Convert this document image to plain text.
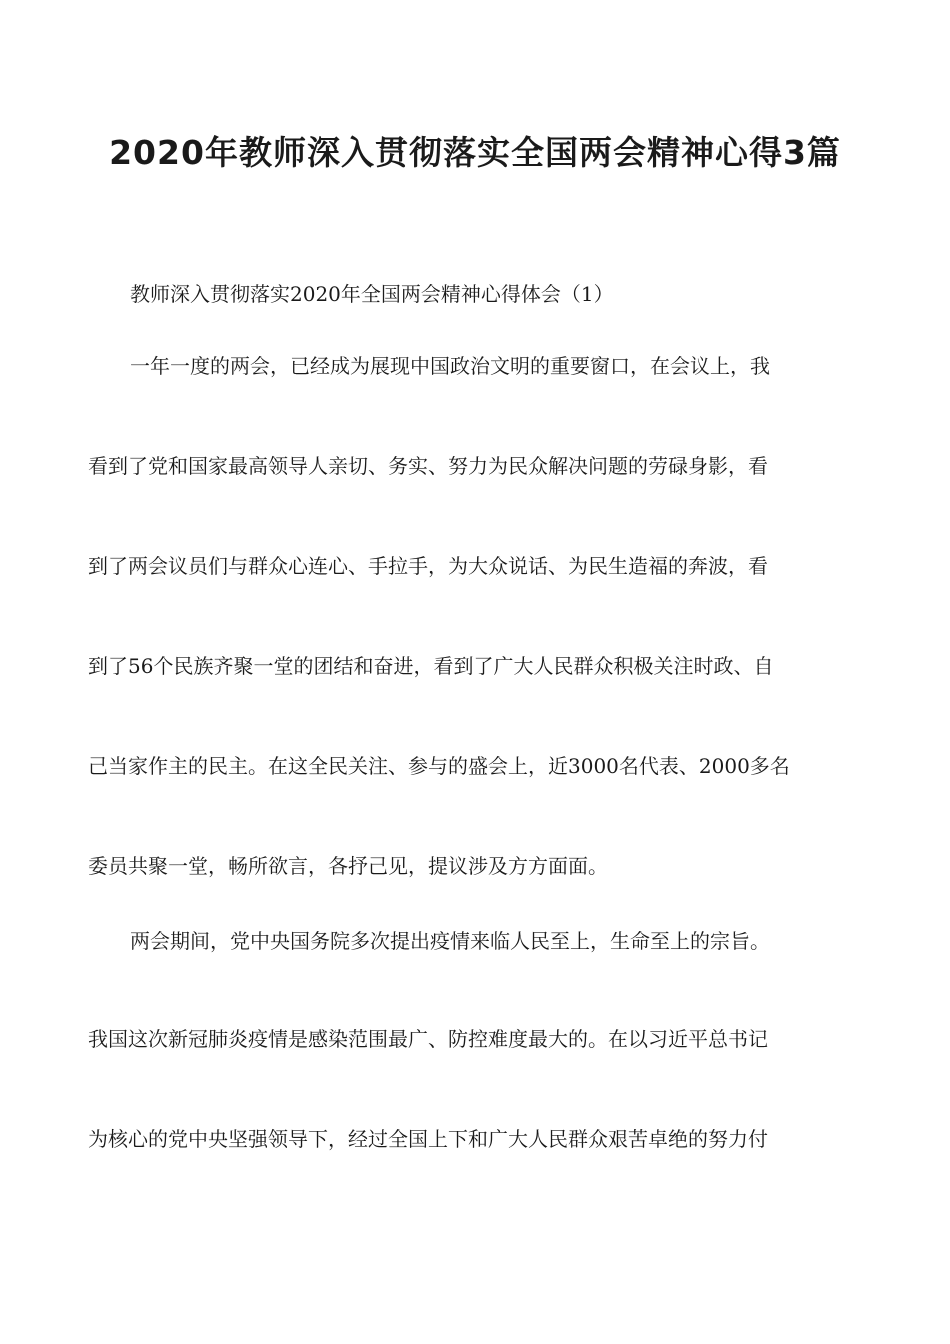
2020年教师深入贯彻落实全国两会精神心得3篇
教师深入贯彻落实2020年全国两会精神心得体会（1）
一年一度的两会，已经成为展现中国政治文明的重要窗口，在会议上，我
看到了党和国家最高领导人亲切、务实、努力为民众解决问题的劳碌身影，看
到了两会议员们与群众心连心、手拉手，为大众说话、为民生造福的奔波，看
到了56个民族齐聚一堂的团结和奋进，看到了广大人民群众积极关注时政、自
己当家作主的民主。在这全民关注、参与的盛会上，近3000名代表、2000多名
委员共聚一堂，畅所欲言，各抒己见，提议涉及方方面面。
两会期间，党中央国务院多次提出疫情来临人民至上，生命至上的宗旨。
我国这次新冠肺炎疫情是感染范围最广、防控难度最大的。在以习近平总书记
为核心的党中央坚强领导下，经过全国上下和广大人民群众艰苦卓绝的努力付
